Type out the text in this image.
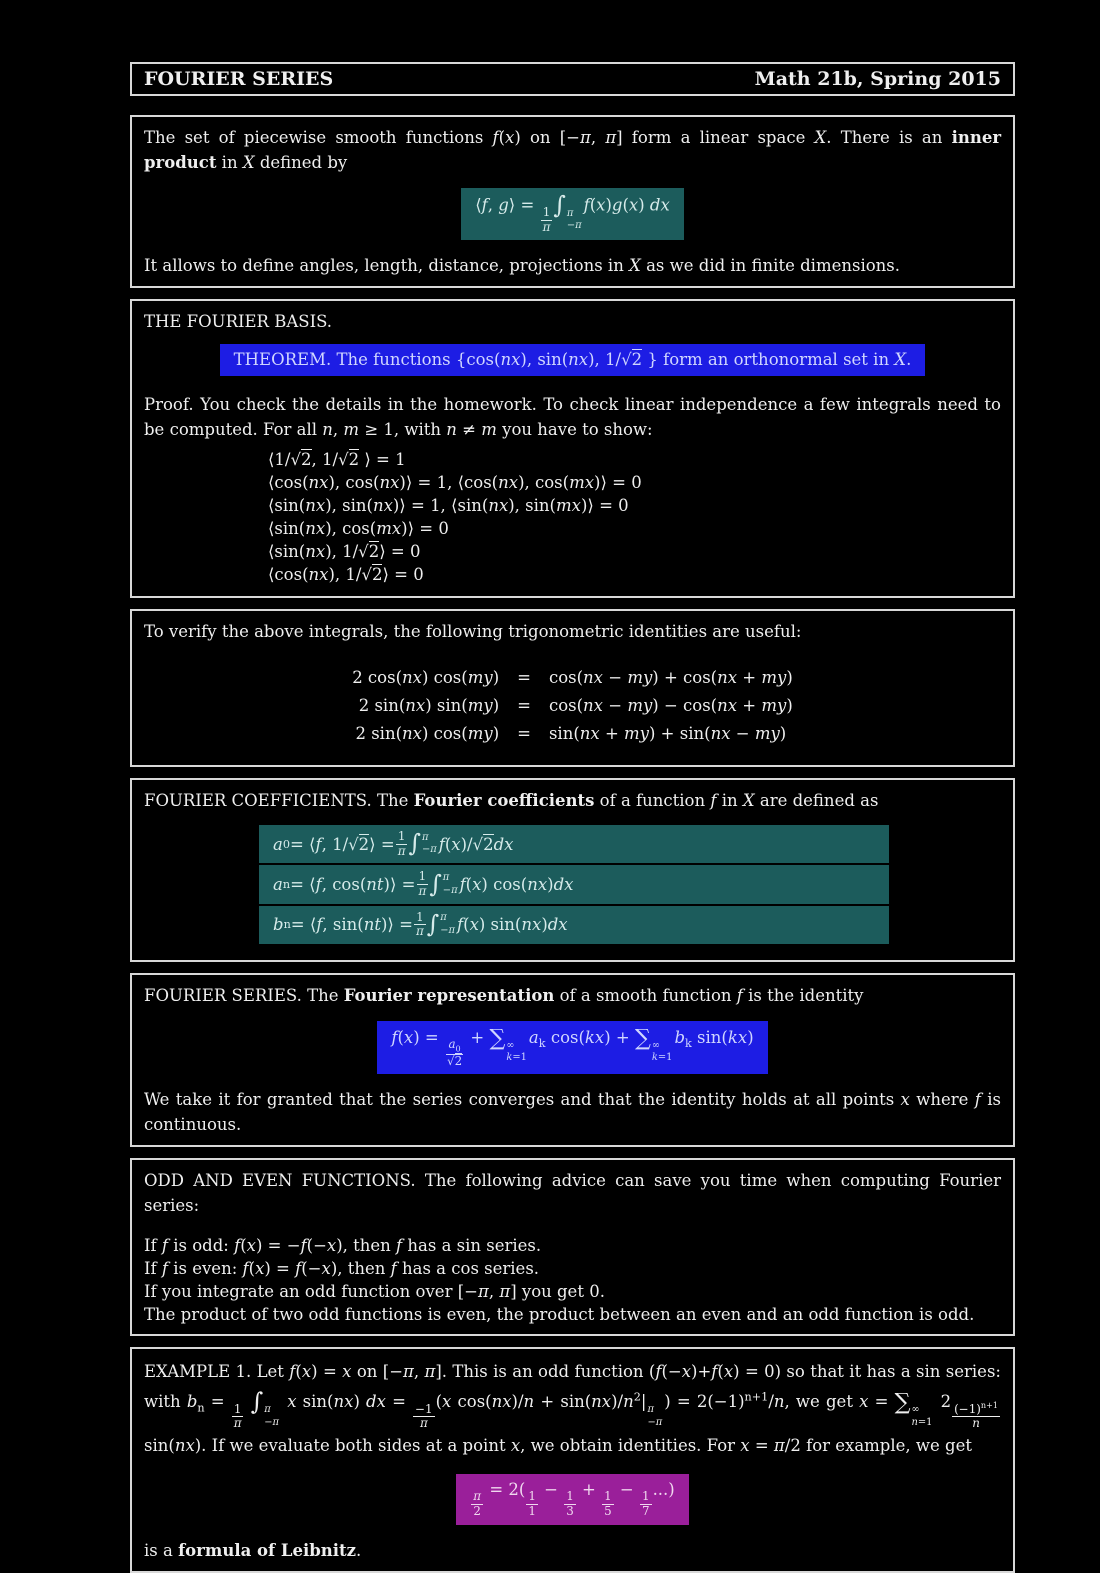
FOURIER SERIES	Math 21b, Spring 2015

The set of piecewise smooth functions f(x) on [−π, π] form a linear space X. There is an inner product in X defined by

⟨f, g⟩ =
$\frac{1}{\pi}$
∫ π
−π
f(x)g(x) dx

It allows to define angles, length, distance, projections in X as we did in finite dimensions.

THE FOURIER BASIS.

THEOREM. The functions {cos(nx), sin(nx), 1/√2 } form an orthonormal set in X.

Proof. You check the details in the homework. To check linear independence a few integrals need to be computed. For all n, m ≥ 1, with n ≠ m you have to show:

⟨1/√2, 1/√2 ⟩ = 1
⟨cos(nx), cos(nx)⟩ = 1, ⟨cos(nx), cos(mx)⟩ = 0
⟨sin(nx), sin(nx)⟩ = 1, ⟨sin(nx), sin(mx)⟩ = 0
⟨sin(nx), cos(mx)⟩ = 0
⟨sin(nx), 1/√2⟩ = 0
⟨cos(nx), 1/√2⟩ = 0

To verify the above integrals, the following trigonometric identities are useful:

2 cos(nx) cos(my) = cos(nx − my) + cos(nx + my)
2 sin(nx) sin(my) = cos(nx − my) − cos(nx + my)
2 sin(nx) cos(my) = sin(nx + my) + sin(nx − my)

FOURIER COEFFICIENTS. The Fourier coefficients of a function f in X are defined as

a 0 = ⟨ f , 1/ √2 ⟩ = 1
π ∫ π
−π f ( x )/ √2 dx
a n = ⟨ f , cos( nt )⟩ = 1
π ∫ π
−π f ( x ) cos( nx ) dx
b n = ⟨ f , sin( nt )⟩ = 1
π ∫ π
−π f ( x ) sin( nx ) dx

FOURIER SERIES. The Fourier representation of a smooth function f is the identity

f(x) =
$\frac{a_0}{√2}$
+ ∑ ∞
k=1
$a_k$ cos(kx) + ∑ ∞
k=1
$b_k$ sin(kx)

We take it for granted that the series converges and that the identity holds at all points x where f is continuous.

ODD AND EVEN FUNCTIONS. The following advice can save you time when computing Fourier series:

If f is odd: f(x) = −f(−x), then f has a sin series.
If f is even: f(x) = f(−x), then f has a cos series.
If you integrate an odd function over [−π, π] you get 0.
The product of two odd functions is even, the product between an even and an odd function is odd.

EXAMPLE 1. Let f(x) = x on [−π, π]. This is an odd function (f(−x)+f(x) = 0) so that it has a sin series: with $b_n$ =
$\frac{1}{\pi}$
∫ π
−π
x sin(nx) dx =
$\frac{-1}{\pi}$
(x $\cos(nx)/n + \sin(nx)/n^2|$ π
−π
) = $2(-1)^{n+1}/n$, we get x = ∑ ∞
n=1
$2 \frac{(-1)^{n+1}}{n}$
sin(nx). If we evaluate both sides at a point x, we obtain identities. For x = π/2 for example, we get

$\frac{\pi}{2}$
= 2(
$\frac{1}{1}$
−
$\frac{1}{3}$
+
$\frac{1}{5}$
−
$\frac{1}{7}$
...)

is a formula of Leibnitz.
